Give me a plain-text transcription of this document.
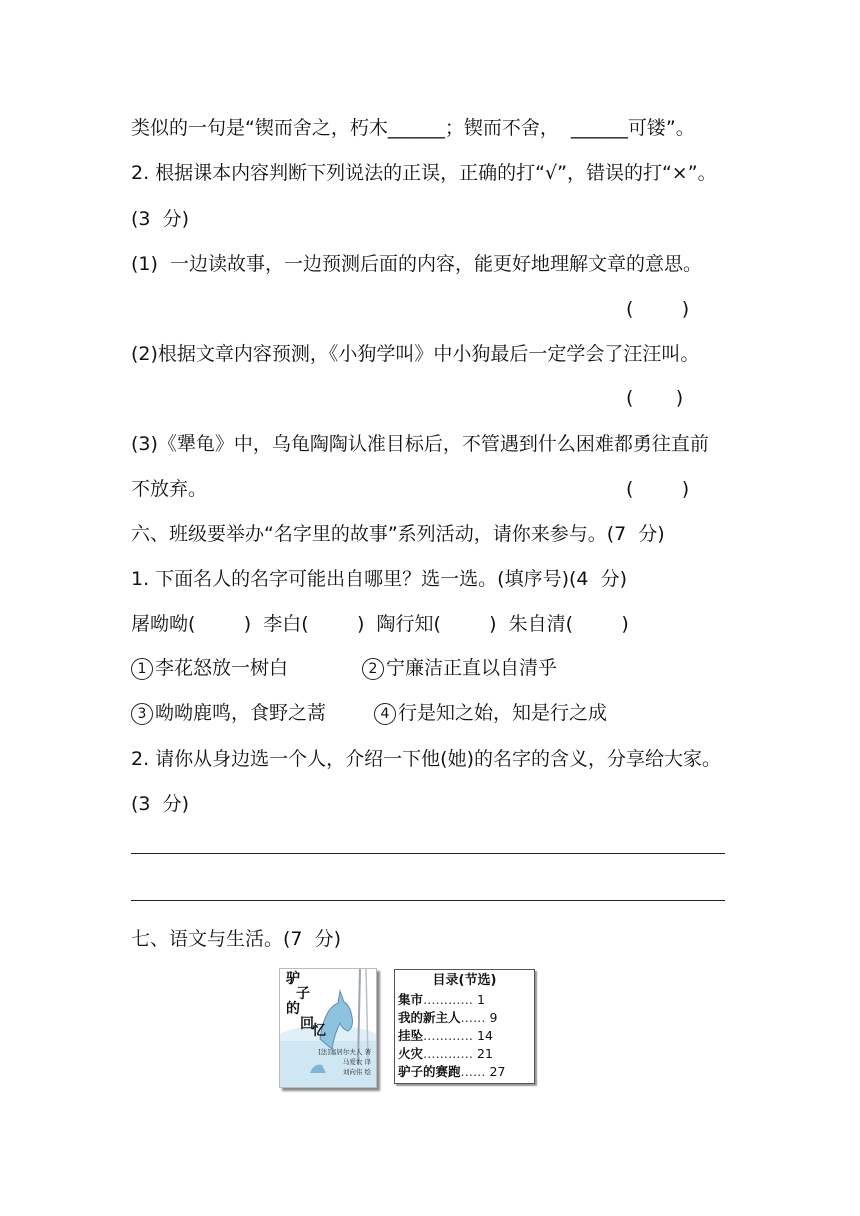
类似的一句是“锲而舍之，朽木______；锲而不舍，  ______可镂”。
2. 根据课本内容判断下列说法的正误，正确的打“√”，错误的打“×”。
(3  分)
(1)  一边读故事，一边预测后面的内容，能更好地理解文章的意思。
(        )
(2)根据文章内容预测，《小狗学叫》中小狗最后一定学会了汪汪叫。
(       )
(3)《犟龟》中，乌龟陶陶认准目标后，不管遇到什么困难都勇往直前
不放弃。	(        )
六、班级要举办“名字里的故事”系列活动，请你来参与。(7  分)
1. 下面名人的名字可能出自哪里？选一选。(填序号)(4  分)
屠呦呦(        )  李白(        )  陶行知(        )  朱自清(        )
1 李花怒放一树白	2 宁廉洁正直以自清乎
3 呦呦鹿鸣，食野之蒿	4 行是知之始，知是行之成
2. 请你从身边选一个人，介绍一下他(她)的名字的含义，分享给大家。
(3  分)
七、语文与生活。(7  分)
驴
子
的
回
忆
[法]塞居尔夫人 著
马爱农 译
刘向伟 绘
目录(节选)
集市………… 1
我的新主人…… 9
挂坠………… 14
火灾………… 21
驴子的赛跑…… 27
